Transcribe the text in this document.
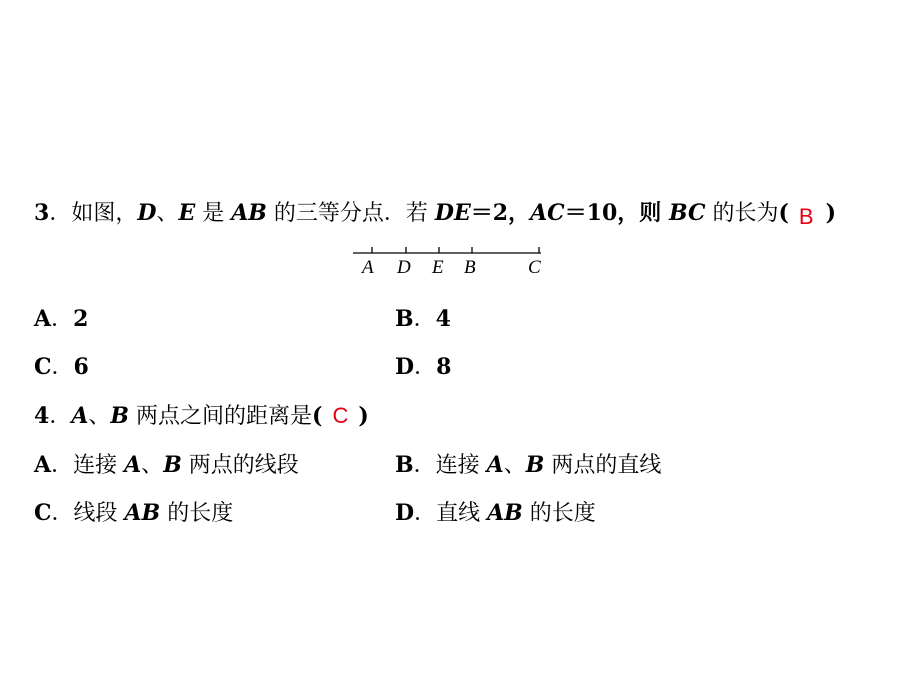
3．如图，D、E 是 AB 的三等分点．若 DE＝2，AC＝10，则 BC 的长为( B )
A D E B	C
A．2	B．4
C．6	D．8
4．A、B 两点之间的距离是( C )
A．连接 A、B 两点的线段	B．连接 A、B 两点的直线
C．线段 AB 的长度	D．直线 AB 的长度
